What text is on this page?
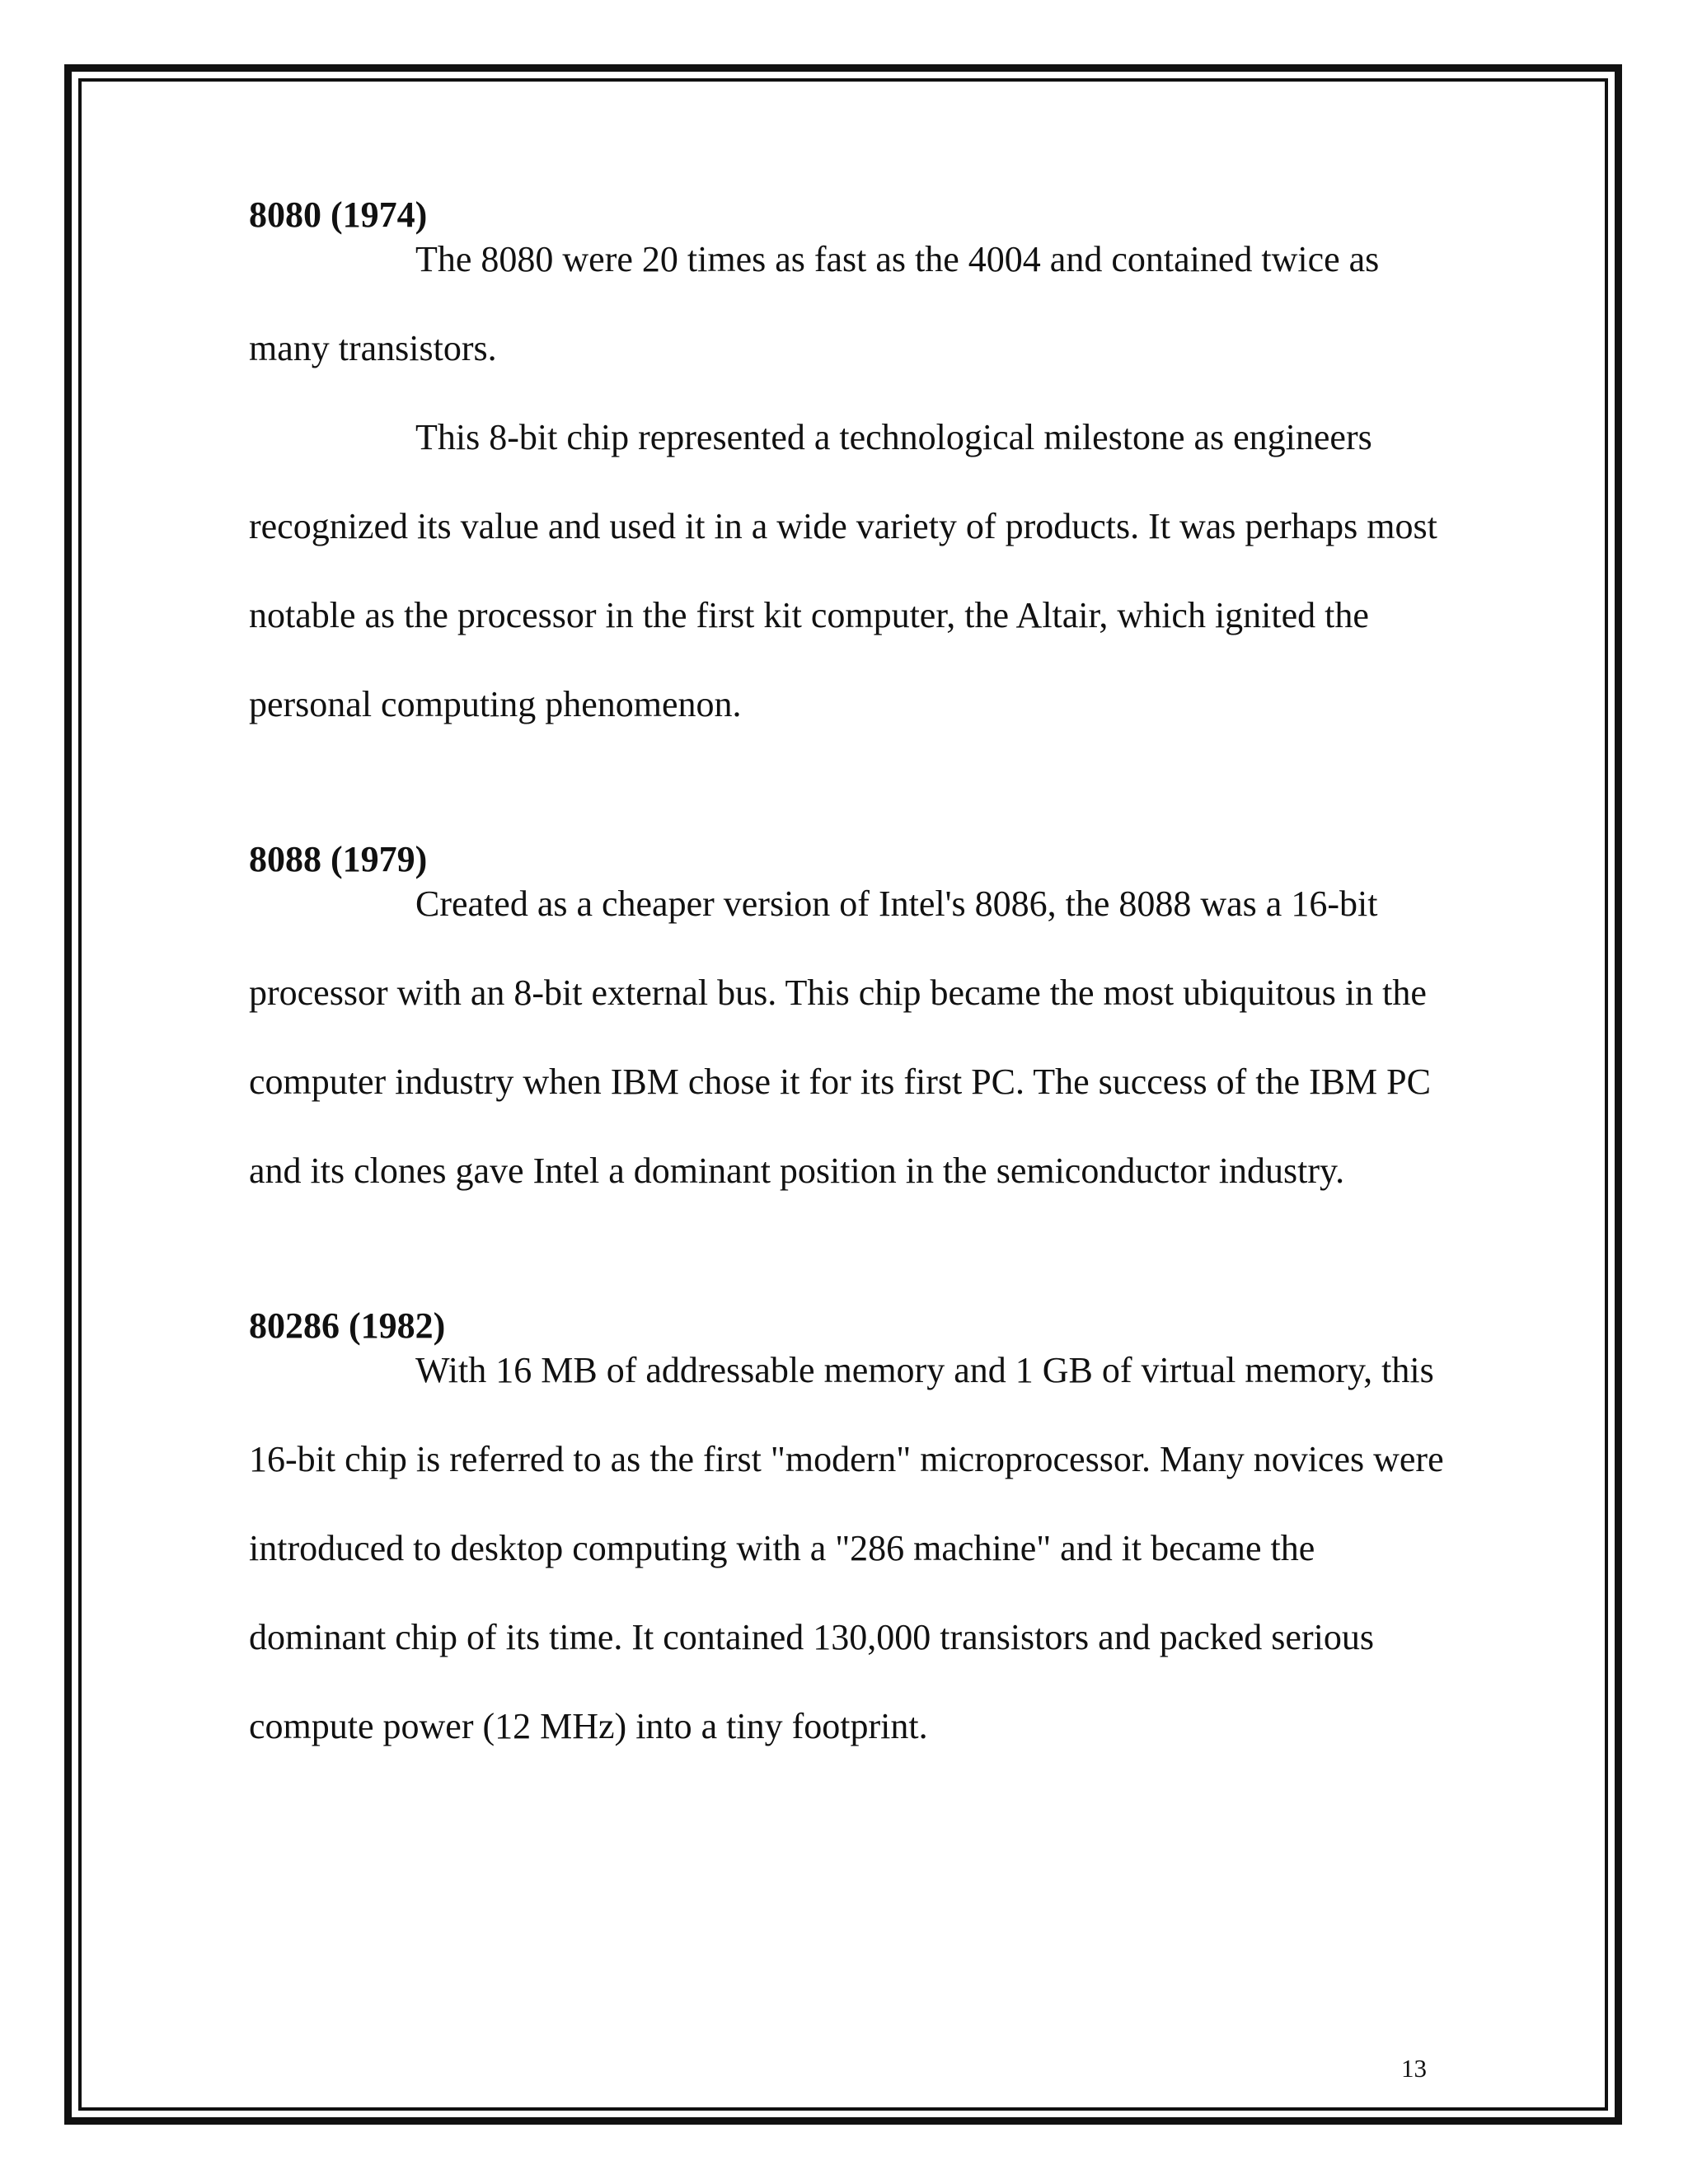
8080 (1974)

The 8080 were 20 times as fast as the 4004 and contained twice as many transistors.

This 8-bit chip represented a technological milestone as engineers recognized its value and used it in a wide variety of products. It was perhaps most notable as the processor in the first kit computer, the Altair, which ignited the personal computing phenomenon.

8088 (1979)

Created as a cheaper version of Intel's 8086, the 8088 was a 16-bit processor with an 8-bit external bus. This chip became the most ubiquitous in the computer industry when IBM chose it for its first PC. The success of the IBM PC and its clones gave Intel a dominant position in the semiconductor industry.

80286 (1982)

With 16 MB of addressable memory and 1 GB of virtual memory, this 16-bit chip is referred to as the first "modern" microprocessor. Many novices were introduced to desktop computing with a "286 machine" and it became the dominant chip of its time. It contained 130,000 transistors and packed serious compute power (12 MHz) into a tiny footprint.

13
